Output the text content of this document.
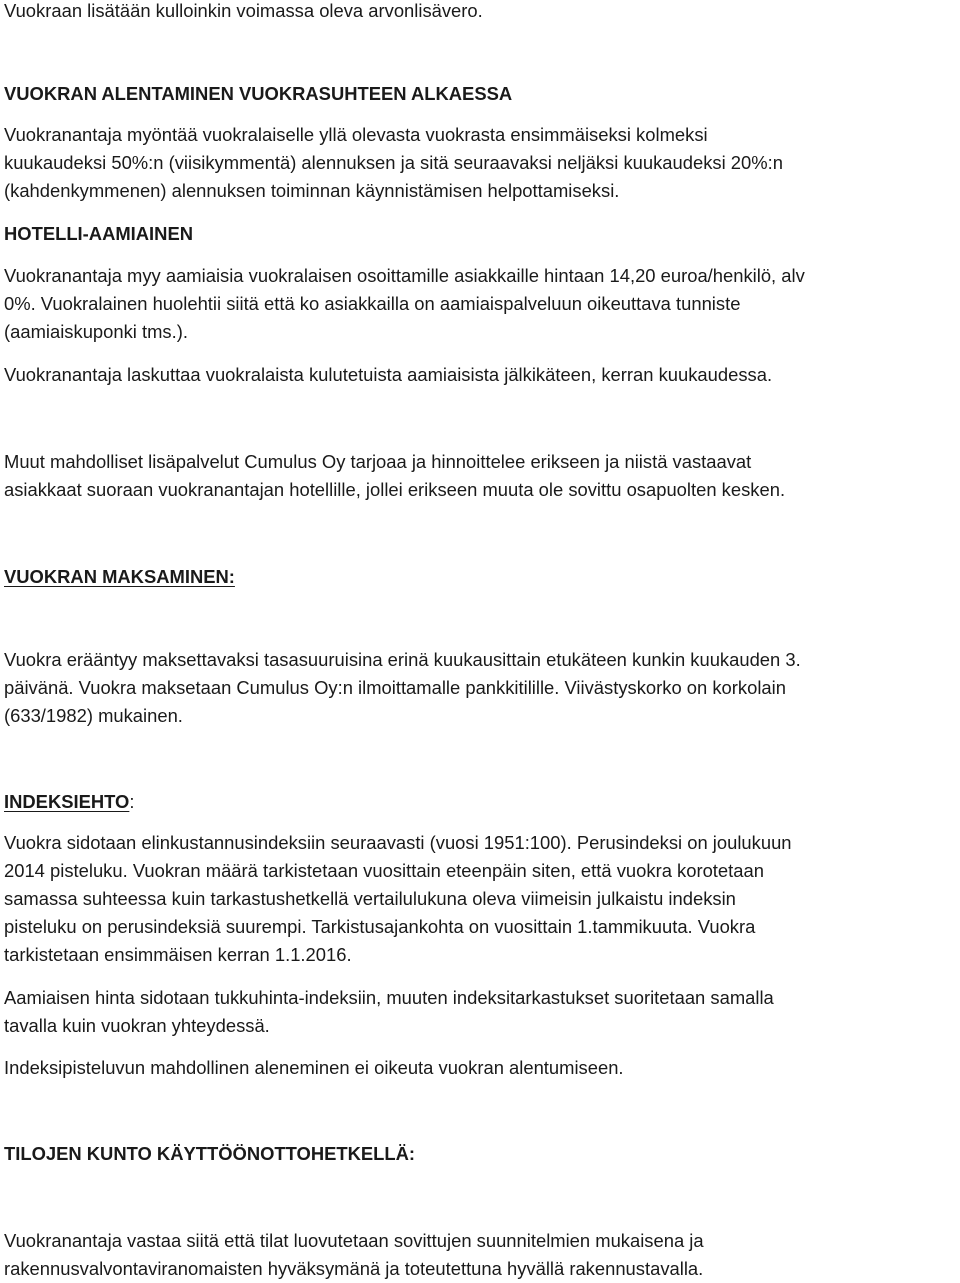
Vuokraan lisätään kulloinkin voimassa oleva arvonlisävero.

VUOKRAN ALENTAMINEN VUOKRASUHTEEN ALKAESSA

Vuokranantaja myöntää vuokralaiselle yllä olevasta vuokrasta ensimmäiseksi kolmeksi

kuukaudeksi 50%:n (viisikymmentä) alennuksen ja sitä seuraavaksi neljäksi kuukaudeksi 20%:n

(kahdenkymmenen) alennuksen toiminnan käynnistämisen helpottamiseksi.

HOTELLI-AAMIAINEN

Vuokranantaja myy aamiaisia vuokralaisen osoittamille asiakkaille hintaan 14,20 euroa/henkilö, alv

0%. Vuokralainen huolehtii siitä että ko asiakkailla on aamiaispalveluun oikeuttava tunniste

(aamiaiskuponki tms.).

Vuokranantaja laskuttaa vuokralaista kulutetuista aamiaisista jälkikäteen, kerran kuukaudessa.

Muut mahdolliset lisäpalvelut Cumulus Oy tarjoaa ja hinnoittelee erikseen ja niistä vastaavat

asiakkaat suoraan vuokranantajan hotellille, jollei erikseen muuta ole sovittu osapuolten kesken.

VUOKRAN MAKSAMINEN:

Vuokra erääntyy maksettavaksi tasasuuruisina erinä kuukausittain etukäteen kunkin kuukauden 3.

päivänä. Vuokra maksetaan Cumulus Oy:n ilmoittamalle pankkitilille. Viivästyskorko on korkolain

(633/1982) mukainen.

INDEKSIEHTO:

Vuokra sidotaan elinkustannusindeksiin seuraavasti (vuosi 1951:100). Perusindeksi on joulukuun

2014 pisteluku. Vuokran määrä tarkistetaan vuosittain eteenpäin siten, että vuokra korotetaan

samassa suhteessa kuin tarkastushetkellä vertailulukuna oleva viimeisin julkaistu indeksin

pisteluku on perusindeksiä suurempi. Tarkistusajankohta on vuosittain 1.tammikuuta. Vuokra

tarkistetaan ensimmäisen kerran 1.1.2016.

Aamiaisen hinta sidotaan tukkuhinta-indeksiin, muuten indeksitarkastukset suoritetaan samalla

tavalla kuin vuokran yhteydessä.

Indeksipisteluvun mahdollinen aleneminen ei oikeuta vuokran alentumiseen.

TILOJEN KUNTO KÄYTTÖÖNOTTOHETKELLÄ:

Vuokranantaja vastaa siitä että tilat luovutetaan sovittujen suunnitelmien mukaisena ja

rakennusvalvontaviranomaisten hyväksymänä ja toteutettuna hyvällä rakennustavalla.
